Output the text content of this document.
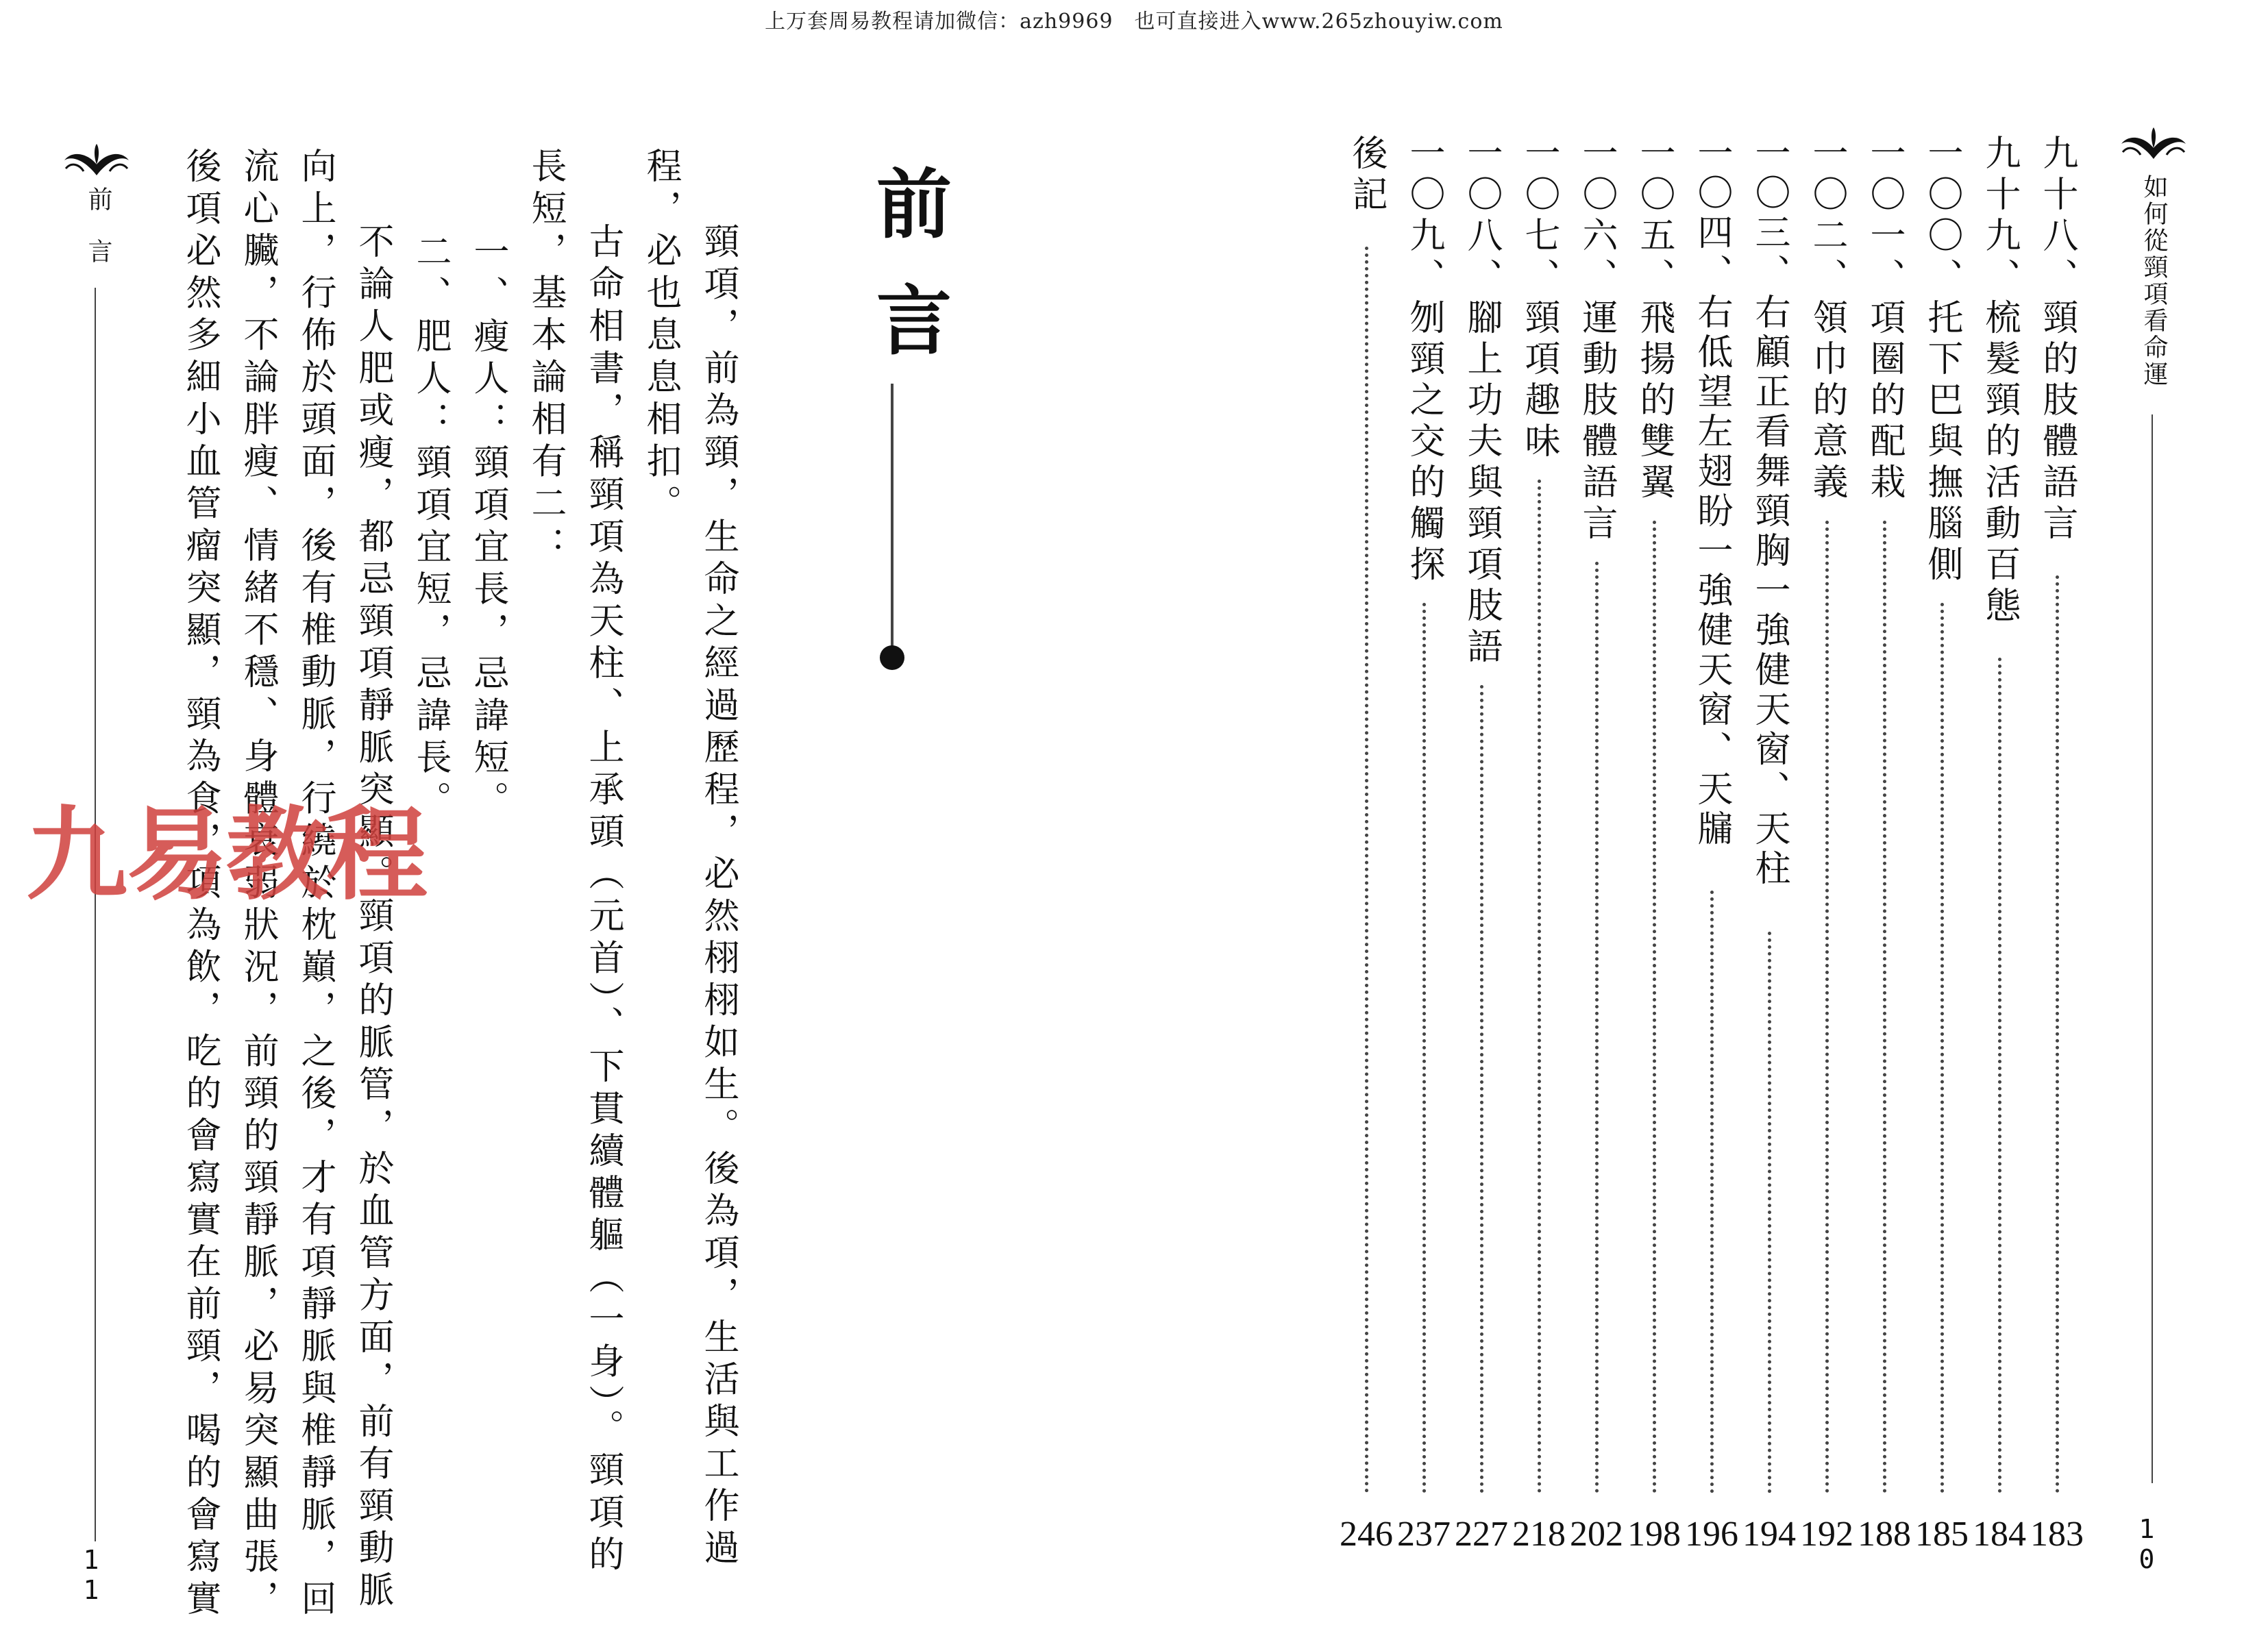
上万套周易教程请加微信：azh9969　也可直接进入www.265zhouyiw.com
前言
11
前言
頸項，前為頸，生命之經過歷程，必然栩栩如生。後為項，生活與工作過
程，必也息息相扣。
古命相書，稱頸項為天柱、上承頭（元首）、下貫續體軀（一身）。頸項的
長短，基本論相有二：
一、瘦人：頸項宜長，忌諱短。
二、肥人：頸項宜短，忌諱長。
不論人肥或瘦，都忌頸項靜脈突顯。頸項的脈管，於血管方面，前有頸動脈
向上，行佈於頭面，後有椎動脈，行繞於枕巔，之後，才有項靜脈與椎靜脈，回
流心臟，不論胖瘦、情緒不穩、身體衰弱狀況，前頸的頸靜脈，必易突顯曲張，
後項必然多細小血管瘤突顯，頸為食，項為飲，吃的會寫實在前頸，喝的會寫實
九易教程
如何從頸項看命運
10
九十八、頸的肢體語言
183
九十九、梳髮頸的活動百態
184
一〇〇、托下巴與撫腦側
185
一〇一、項圈的配栽
188
一〇二、領巾的意義
192
一〇三、右顧正看舞頸胸一強健天窗、天柱
194
一〇四、右低望左翅盼一強健天窗、天牖
196
一〇五、飛揚的雙翼
198
一〇六、運動肢體語言
202
一〇七、頸項趣味
218
一〇八、腳上功夫與頸項肢語
227
一〇九、刎頸之交的觸探
237
後記
246
